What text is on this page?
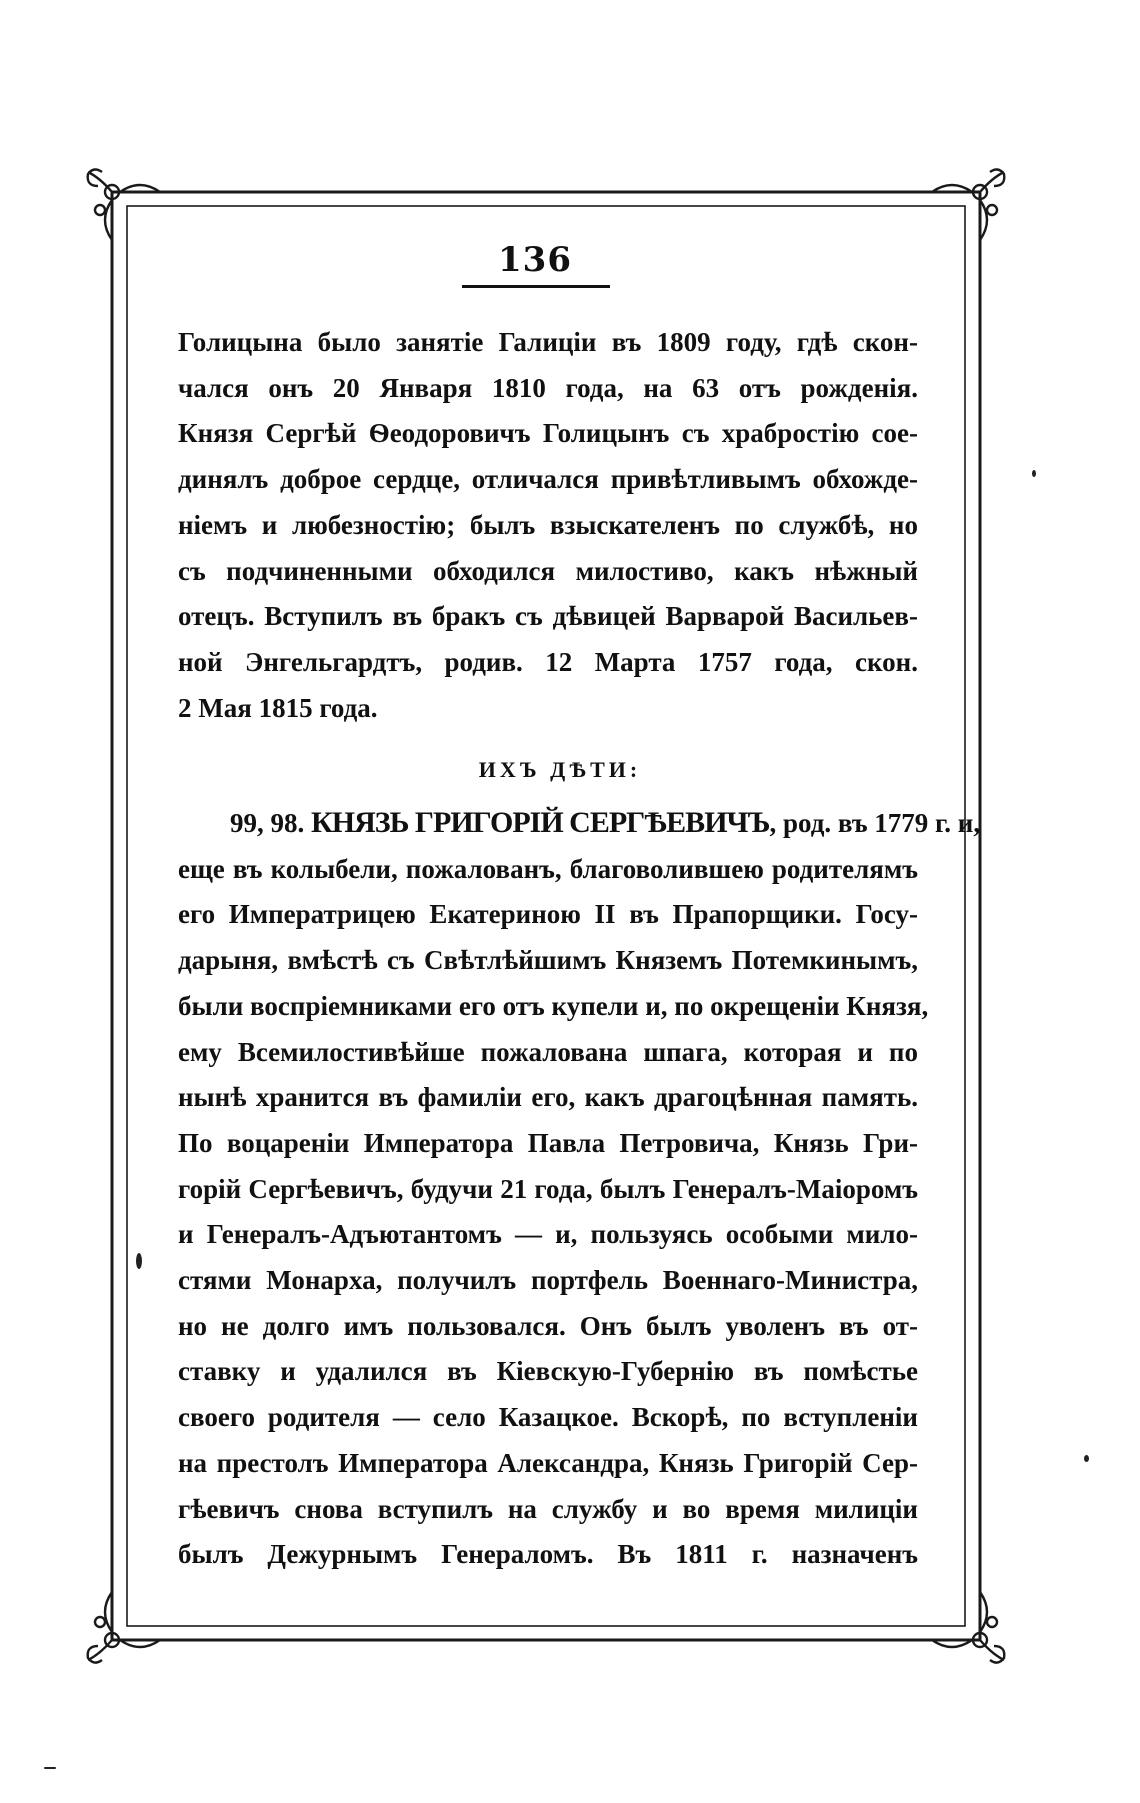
136
Голицына было занятіе Галиціи въ 1809 году, гдѣ скон-
чался онъ 20 Января 1810 года, на 63 отъ рожденія.
Князя Сергѣй Ѳеодоровичъ Голицынъ съ храбростію соe-
динялъ доброе сердце, отличался привѣтливымъ обхожде-
ніемъ и любезностію; былъ взыскателенъ по службѣ, но
съ подчиненными обходился милостиво, какъ нѣжный
отецъ. Вступилъ въ бракъ съ дѣвицей Варварой Васильев-
ной Энгельгардтъ, родив. 12 Марта 1757 года, скон.
2 Мая 1815 года.
ИХЪ ДѢТИ:
99, 98. КНЯЗЬ ГРИГОРІЙ СЕРГѢЕВИЧЪ, род. въ 1779 г. и,
еще въ колыбели, пожалованъ, благоволившею родителямъ
его Императрицею Екатериною II въ Прапорщики. Госу-
дарыня, вмѣстѣ съ Свѣтлѣйшимъ Княземъ Потемкинымъ,
были воспріемниками его отъ купели и, по окрещеніи Князя,
ему Всемилостивѣйше пожалована шпага, которая и по
нынѣ хранится въ фамиліи его, какъ драгоцѣнная память.
По воцареніи Императора Павла Петровича, Князь Гри-
горій Сергѣевичъ, будучи 21 года, былъ Генералъ-Маіоромъ
и Генералъ-Адъютантомъ — и, пользуясь особыми мило-
стями Монарха, получилъ портфель Военнаго-Министра,
но не долго имъ пользовался. Онъ былъ уволенъ въ от-
ставку и удалился въ Кіевскую-Губернію въ помѣстье
своего родителя — село Казацкое. Вскорѣ, по вступленіи
на престолъ Императора Александра, Князь Григорій Сер-
гѣевичъ снова вступилъ на службу и во время милиціи
былъ Дежурнымъ Генераломъ. Въ 1811 г. назначенъ
